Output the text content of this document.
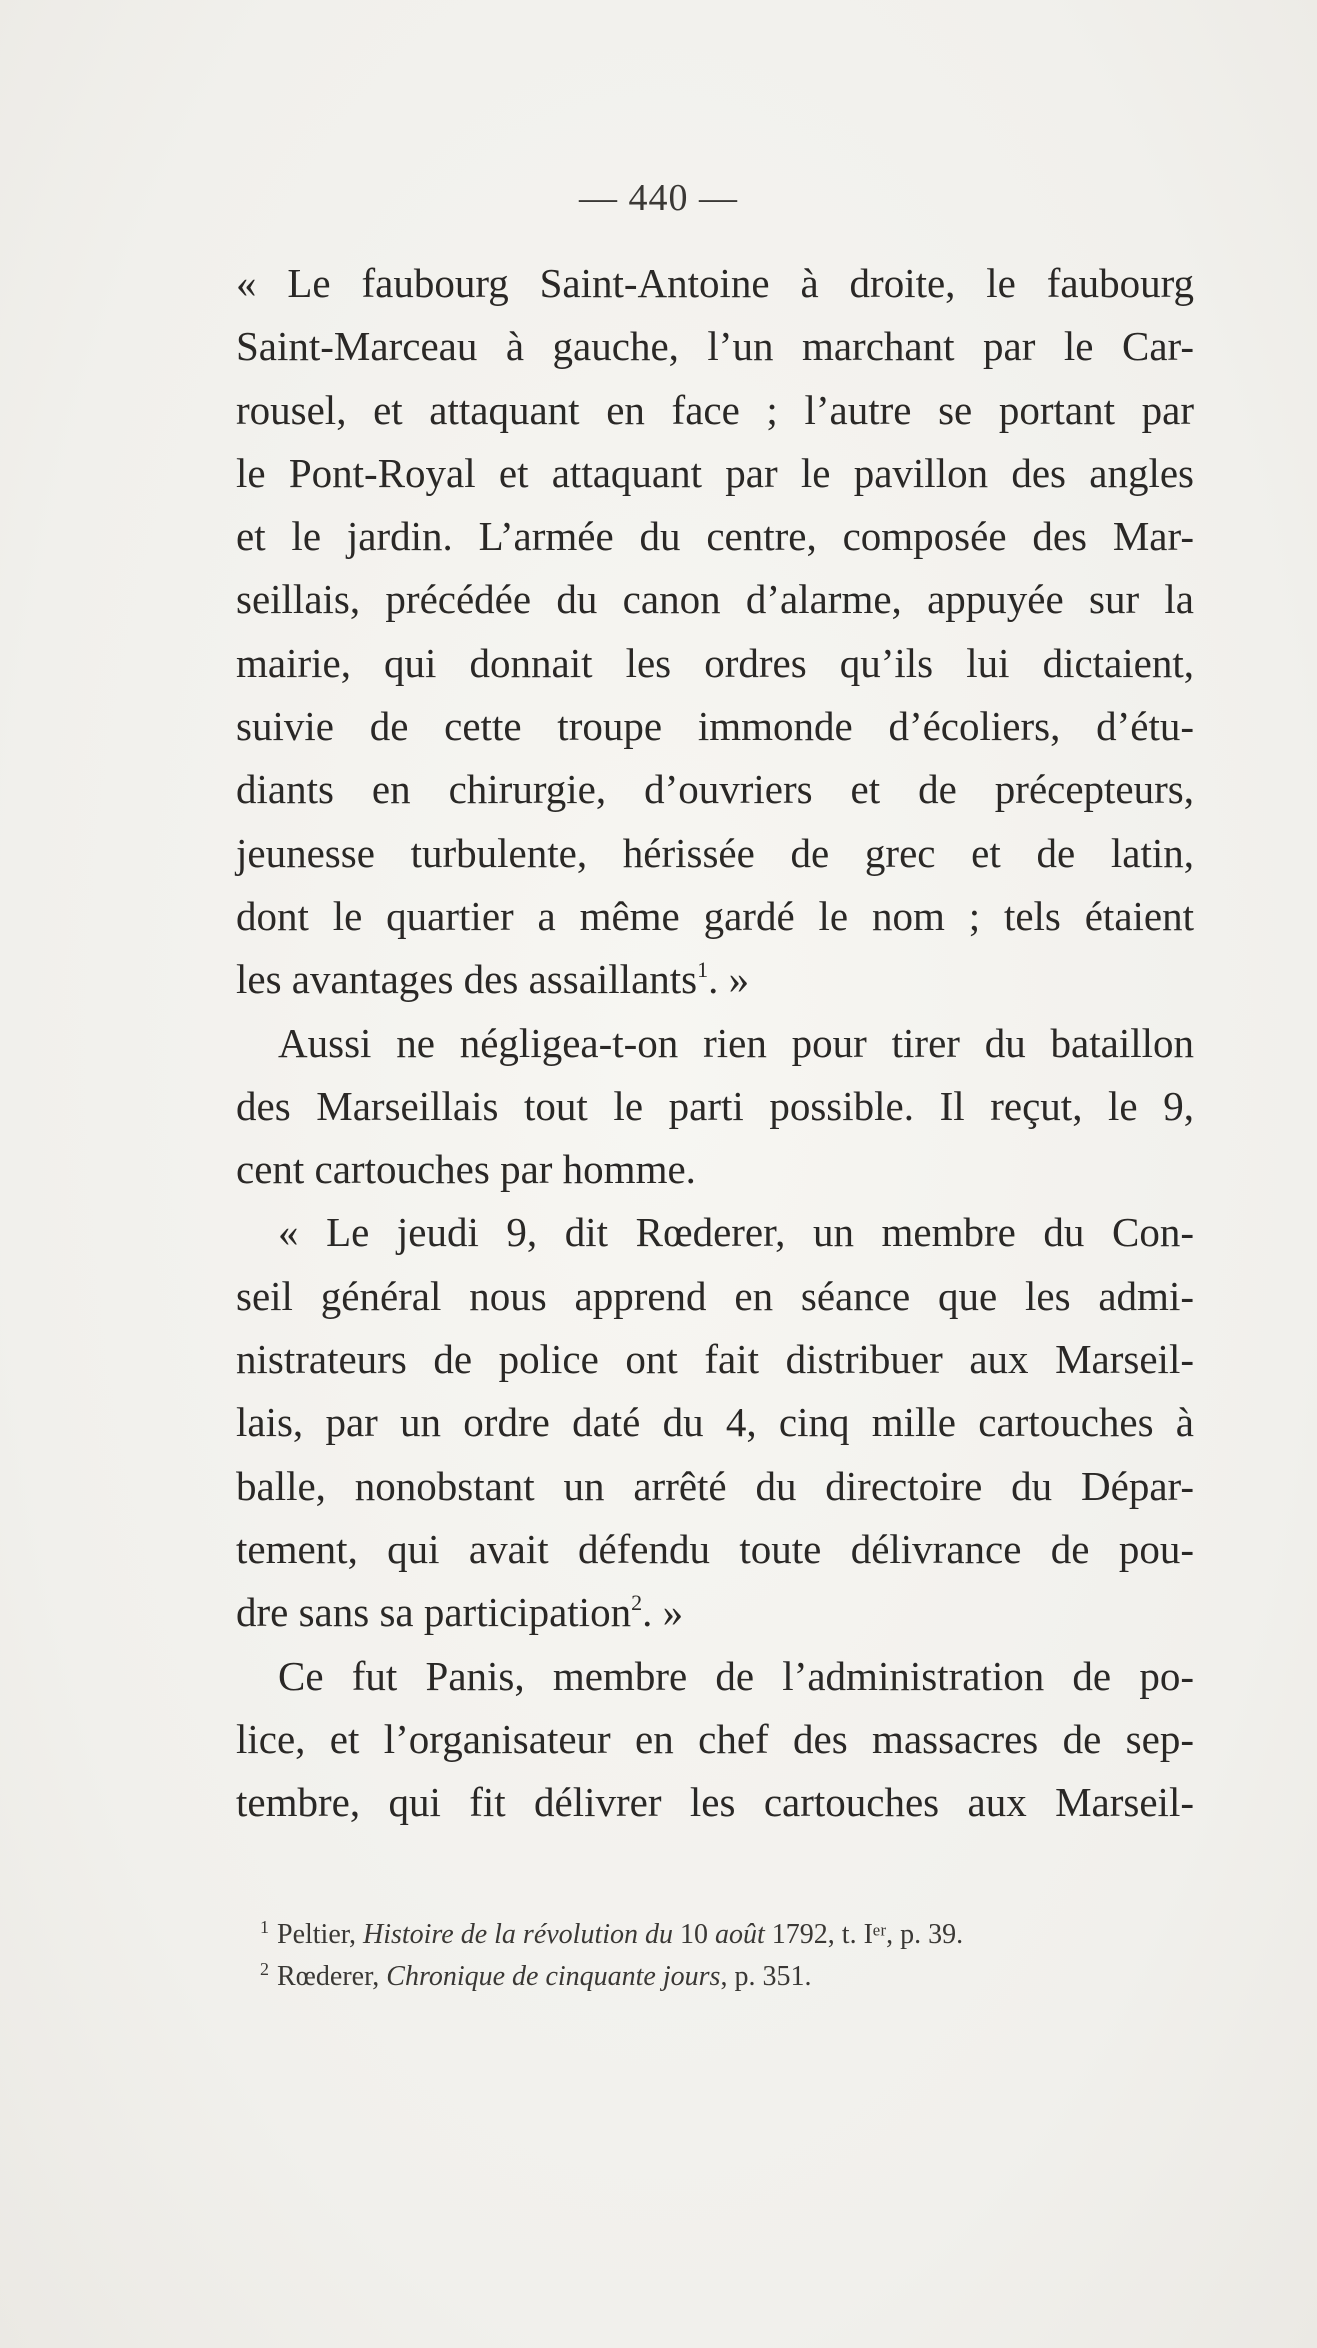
— 440 —
« Le faubourg Saint-Antoine à droite, le faubourg
Saint-Marceau à gauche, l’un marchant par le Car-
rousel, et attaquant en face ; l’autre se portant par
le Pont-Royal et attaquant par le pavillon des angles
et le jardin. L’armée du centre, composée des Mar-
seillais, précédée du canon d’alarme, appuyée sur la
mairie, qui donnait les ordres qu’ils lui dictaient,
suivie de cette troupe immonde d’écoliers, d’étu-
diants en chirurgie, d’ouvriers et de précepteurs,
jeunesse turbulente, hérissée de grec et de latin,
dont le quartier a même gardé le nom ; tels étaient
les avantages des assaillants$^1$. »
Aussi ne négligea-t-on rien pour tirer du bataillon
des Marseillais tout le parti possible. Il reçut, le 9,
cent cartouches par homme.
« Le jeudi 9, dit Rœderer, un membre du Con-
seil général nous apprend en séance que les admi-
nistrateurs de police ont fait distribuer aux Marseil-
lais, par un ordre daté du 4, cinq mille cartouches à
balle, nonobstant un arrêté du directoire du Dépar-
tement, qui avait défendu toute délivrance de pou-
dre sans sa participation$^2$. »
Ce fut Panis, membre de l’administration de po-
lice, et l’organisateur en chef des massacres de sep-
tembre, qui fit délivrer les cartouches aux Marseil-
$^1$ Peltier, Histoire de la révolution du 10 août 1792, t. Iᵉʳ, p. 39.
$^2$ Rœderer, Chronique de cinquante jours, p. 351.
